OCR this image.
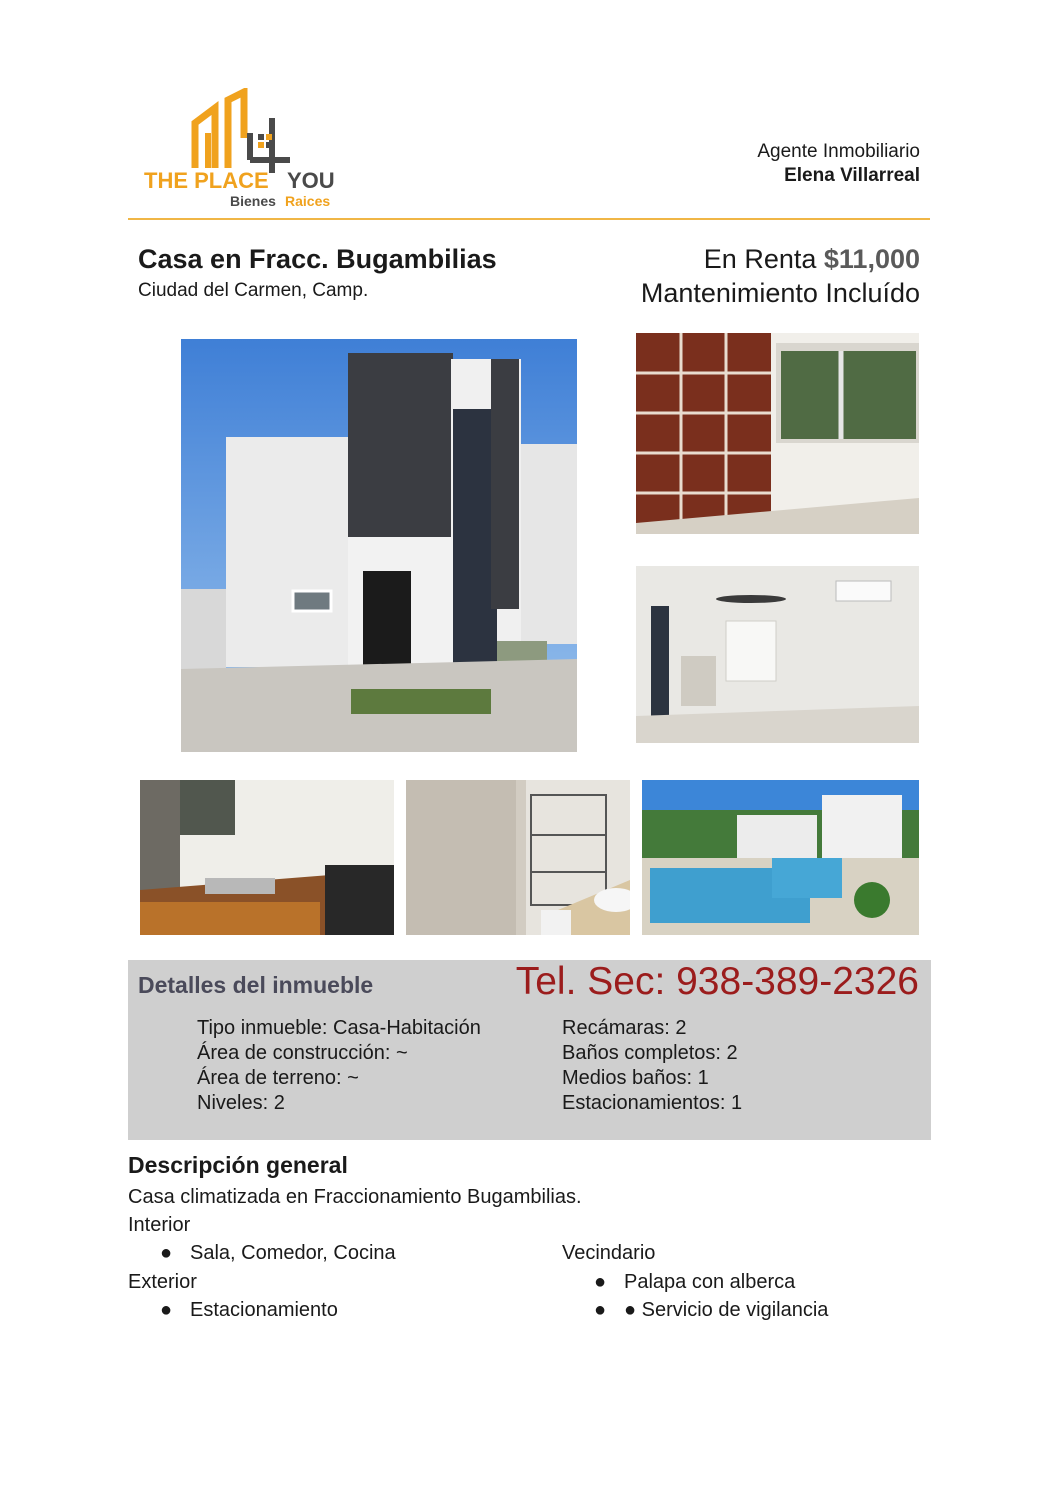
THE PLACE YOU
Bienes Raices
Agente Inmobiliario
Elena Villarreal
Casa en Fracc. Bugambilias
Ciudad del Carmen, Camp.
En Renta $11,000
Mantenimiento Incluído
Detalles del inmueble	Tel. Sec: 938-389-2326
Tipo inmueble: Casa-Habitación
Área de construcción: ~
Área de terreno: ~
Niveles: 2
Recámaras: 2
Baños completos: 2
Medios baños: 1
Estacionamientos: 1
Descripción general
Casa climatizada en Fraccionamiento Bugambilias.
Interior
● Sala, Comedor, Cocina
Exterior
● Estacionamiento
Vecindario
● Palapa con alberca
● ● Servicio de vigilancia
